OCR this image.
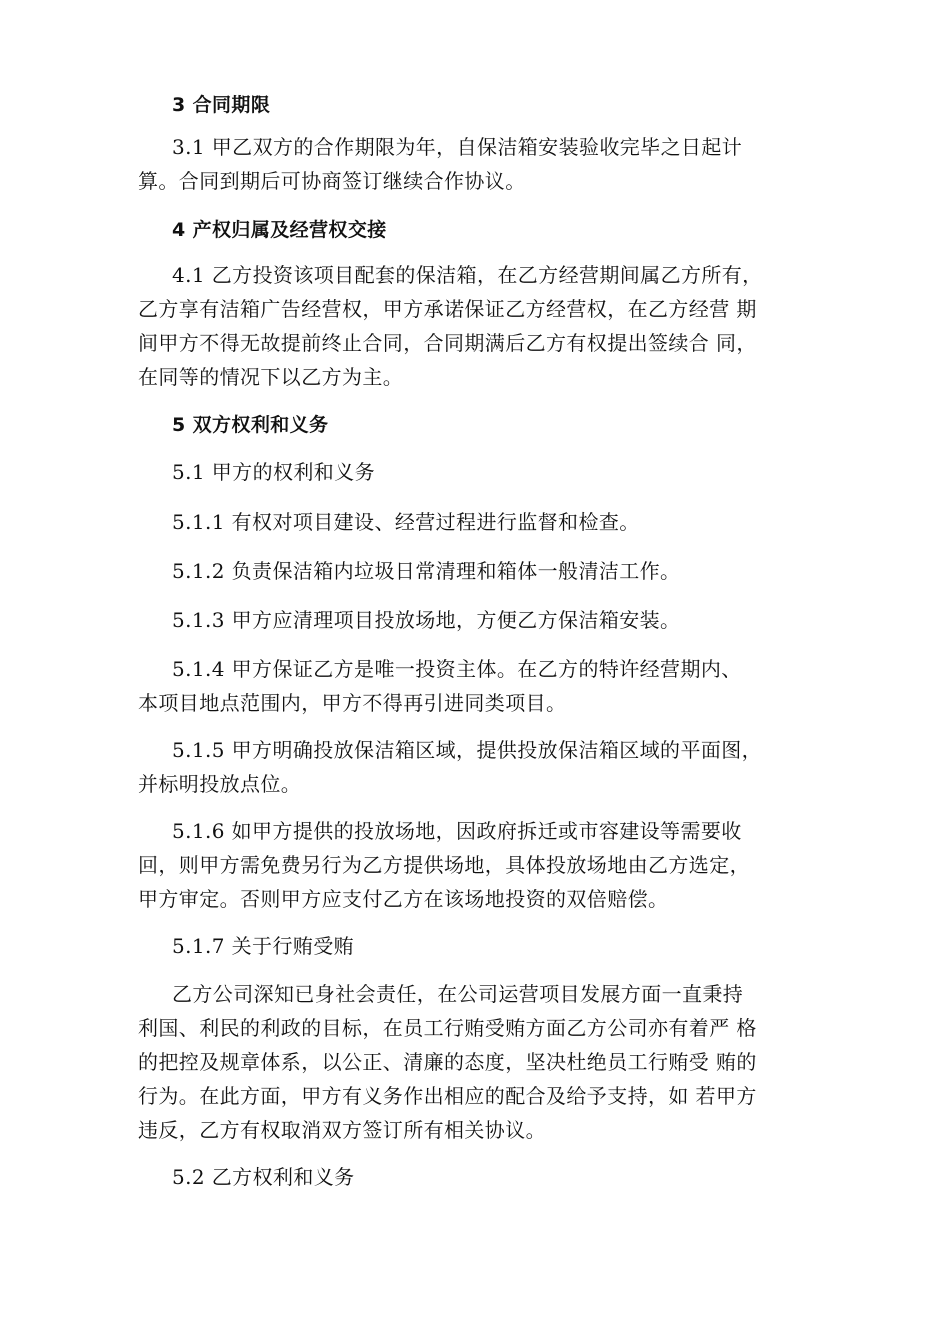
3 合同期限
3.1 甲乙双方的合作期限为年，自保洁箱安装验收完毕之日起计
算。合同到期后可协商签订继续合作协议。
4 产权归属及经营权交接
4.1 乙方投资该项目配套的保洁箱，在乙方经营期间属乙方所有，
乙方享有洁箱广告经营权，甲方承诺保证乙方经营权，在乙方经营 期
间甲方不得无故提前终止合同，合同期满后乙方有权提出签续合 同，
在同等的情况下以乙方为主。
5 双方权利和义务
5.1 甲方的权利和义务
5.1.1 有权对项目建设、经营过程进行监督和检查。
5.1.2 负责保洁箱内垃圾日常清理和箱体一般清洁工作。
5.1.3 甲方应清理项目投放场地，方便乙方保洁箱安装。
5.1.4 甲方保证乙方是唯一投资主体。在乙方的特许经营期内、
本项目地点范围内，甲方不得再引进同类项目。
5.1.5 甲方明确投放保洁箱区域，提供投放保洁箱区域的平面图，
并标明投放点位。
5.1.6 如甲方提供的投放场地，因政府拆迁或市容建设等需要收
回，则甲方需免费另行为乙方提供场地，具体投放场地由乙方选定，
甲方审定。否则甲方应支付乙方在该场地投资的双倍赔偿。
5.1.7 关于行贿受贿
乙方公司深知已身社会责任，在公司运营项目发展方面一直秉持
利国、利民的利政的目标，在员工行贿受贿方面乙方公司亦有着严 格
的把控及规章体系，以公正、清廉的态度，坚决杜绝员工行贿受 贿的
行为。在此方面，甲方有义务作出相应的配合及给予支持，如 若甲方
违反，乙方有权取消双方签订所有相关协议。
5.2 乙方权利和义务
